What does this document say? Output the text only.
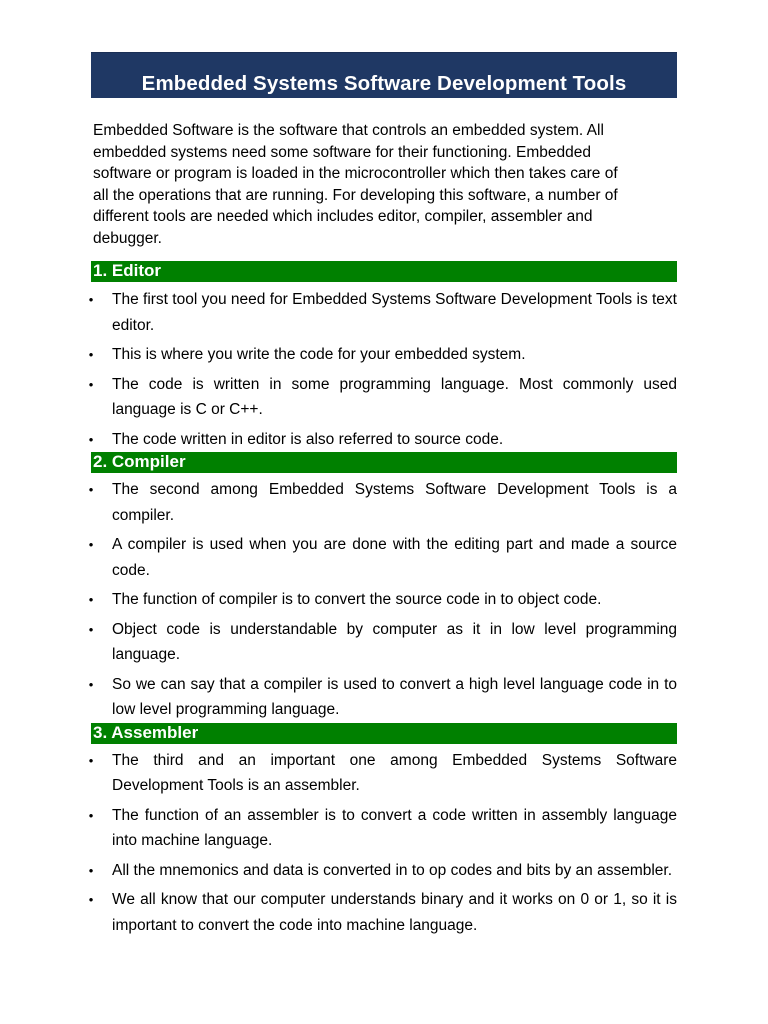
Embedded Systems Software Development Tools

Embedded Software is the software that controls an embedded system. All
embedded systems need some software for their functioning. Embedded
software or program is loaded in the microcontroller which then takes care of
all the operations that are running. For developing this software, a number of
different tools are needed which includes editor, compiler, assembler and
debugger.

1. Editor
• The first tool you need for Embedded Systems Software Development Tools is text editor.
• This is where you write the code for your embedded system.
• The code is written in some programming language. Most commonly used language is C or C++.
• The code written in editor is also referred to source code.
2. Compiler
• The second among Embedded Systems Software Development Tools is a compiler.
• A compiler is used when you are done with the editing part and made a source code.
• The function of compiler is to convert the source code in to object code.
• Object code is understandable by computer as it in low level programming language.
• So we can say that a compiler is used to convert a high level language code in to low level programming language.
3. Assembler
• The third and an important one among Embedded Systems Software Development Tools is an assembler.
• The function of an assembler is to convert a code written in assembly language into machine language.
• All the mnemonics and data is converted in to op codes and bits by an assembler.
• We all know that our computer understands binary and it works on 0 or 1, so it is important to convert the code into machine language.
